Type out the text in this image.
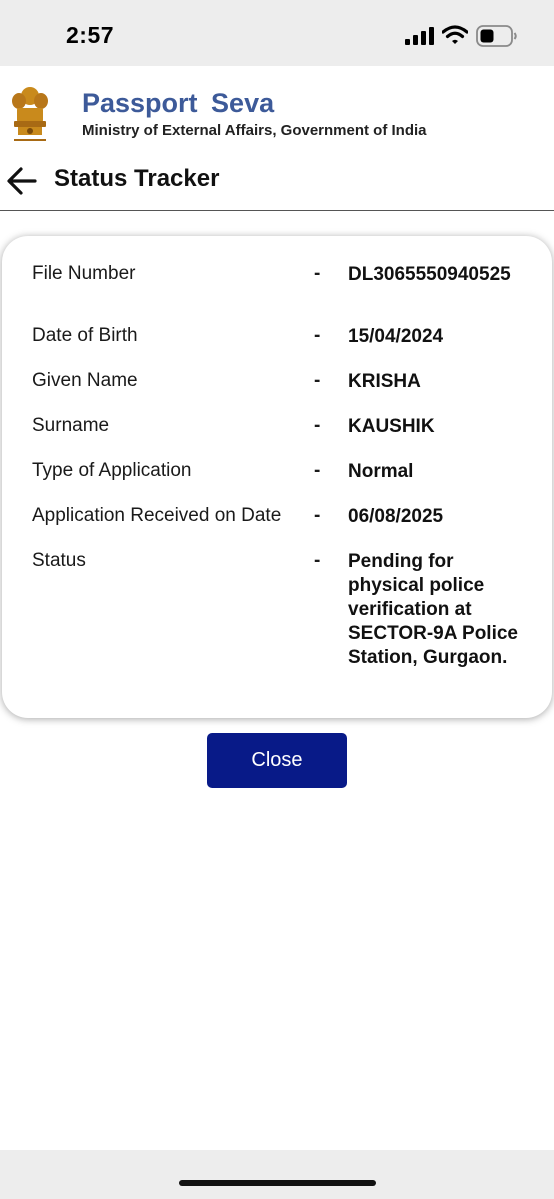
2:57
Passport Seva
Ministry of External Affairs, Government of India
Status Tracker
File Number	- DL3065550940525
Date of Birth	- 15/04/2024
Given Name	- KRISHA
Surname	- KAUSHIK
Type of Application	- Normal
Application Received on Date - 06/08/2025
Status	- Pending for physical police verification at SECTOR-9A Police Station, Gurgaon.
Close
